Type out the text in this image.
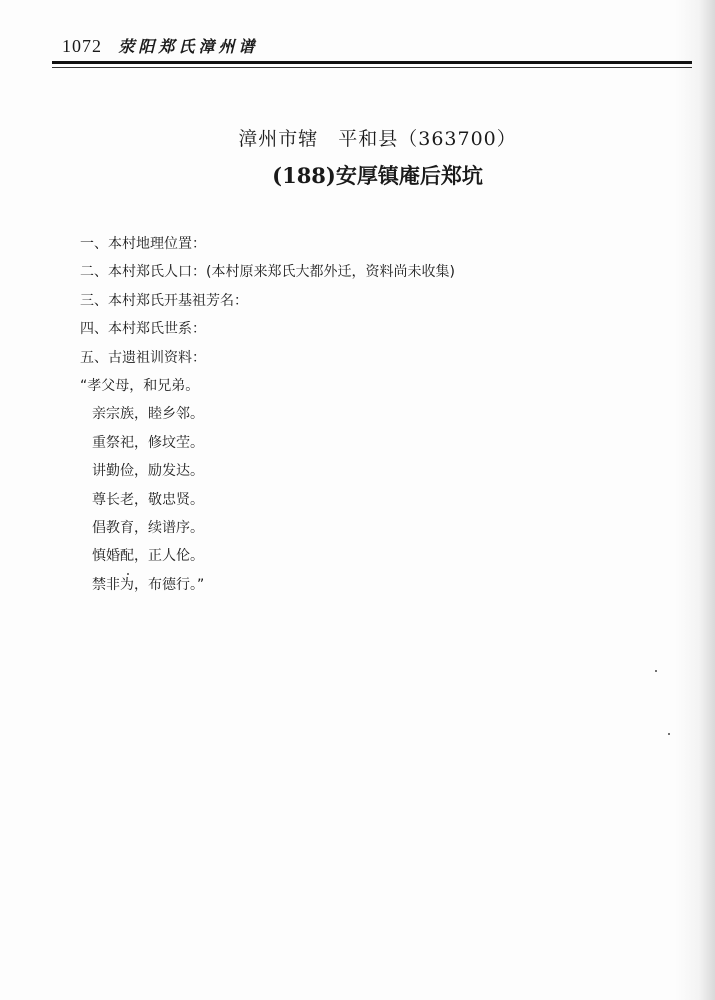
1072 荥阳郑氏漳州谱
漳州市辖　平和县（363700）
(188)安厚镇庵后郑坑
一、本村地理位置：
二、本村郑氏人口：(本村原来郑氏大都外迁，资料尚未收集)
三、本村郑氏开基祖芳名：
四、本村郑氏世系：
五、古遗祖训资料：
“孝父母，和兄弟。
亲宗族，睦乡邻。
重祭祀，修坟茔。
讲勤俭，励发达。
尊长老，敬忠贤。
倡教育，续谱序。
慎婚配，正人伦。
禁非为，布德行。”
